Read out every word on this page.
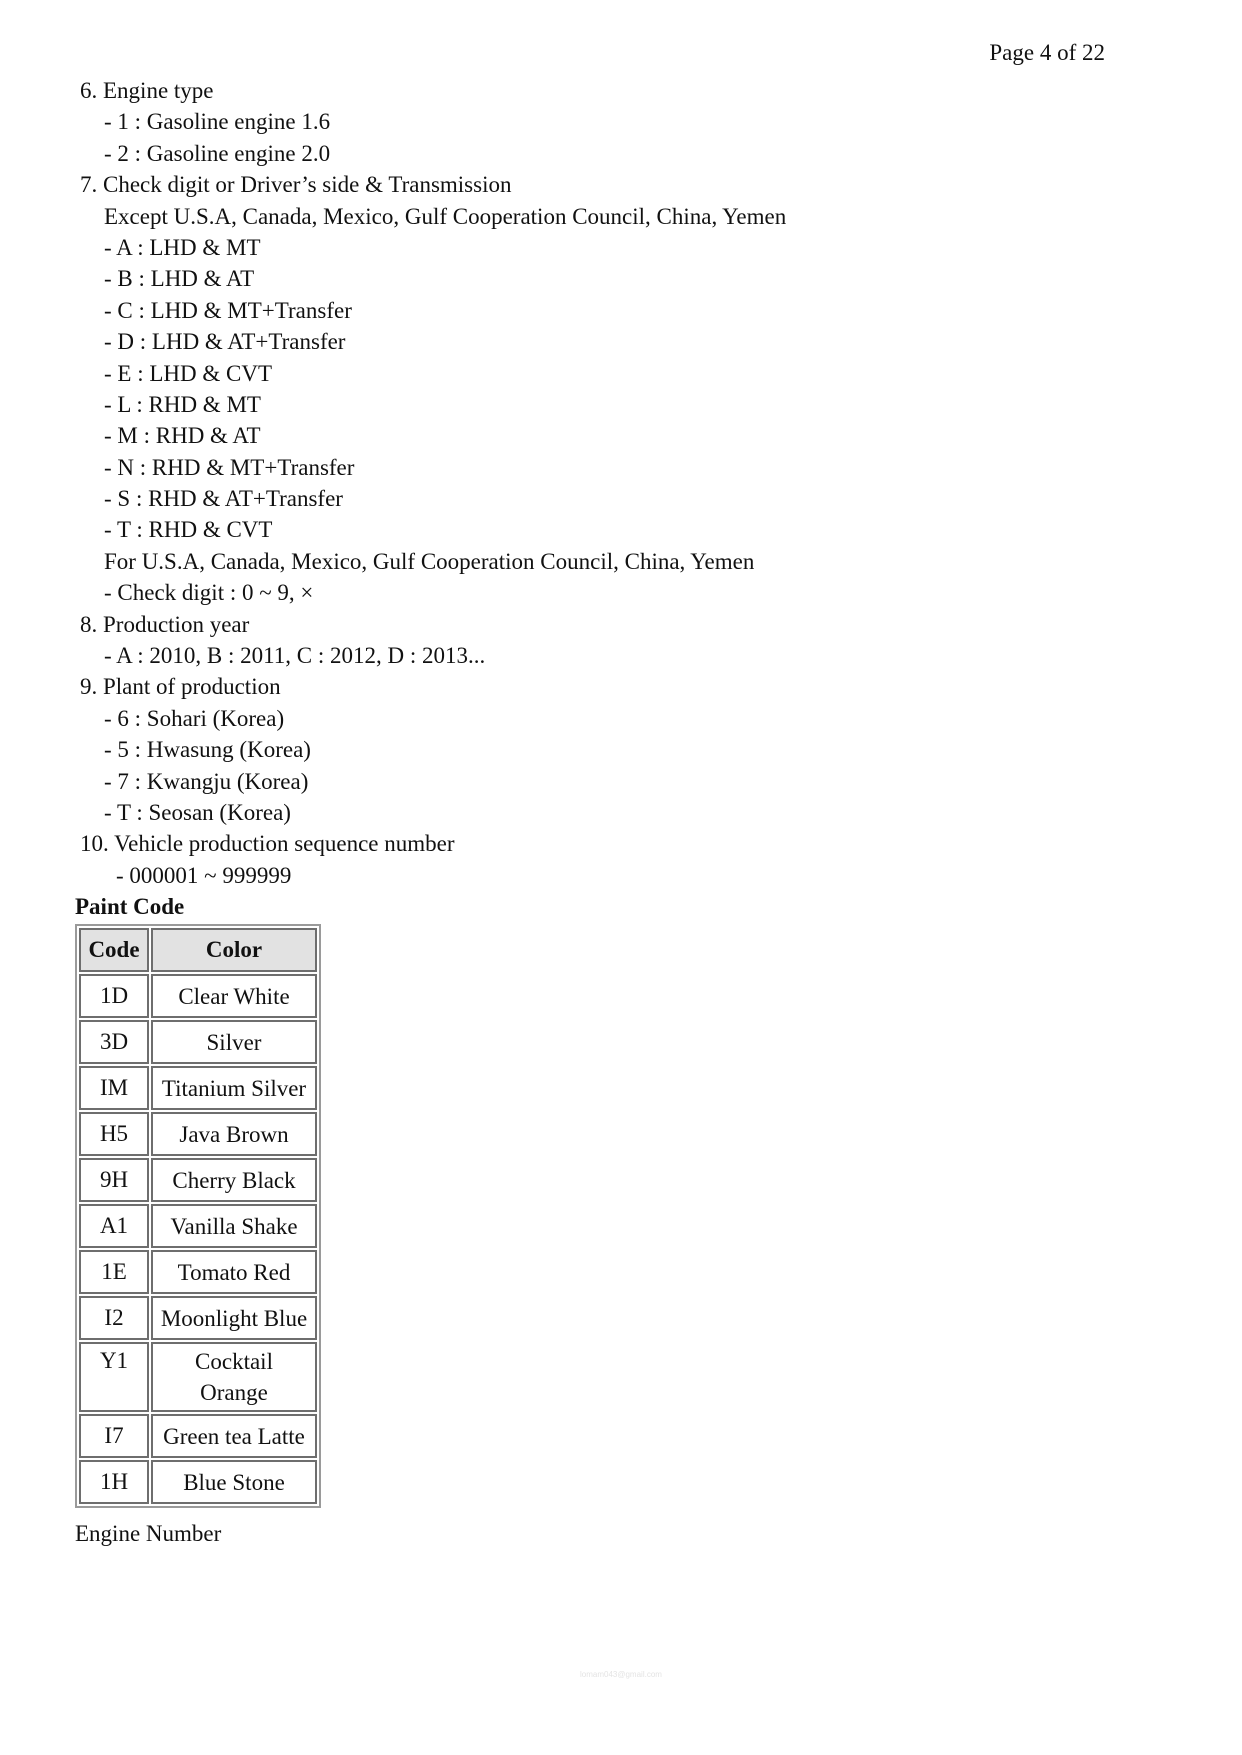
Page 4 of 22
6. Engine type
- 1 : Gasoline engine 1.6
- 2 : Gasoline engine 2.0
7. Check digit or Driver’s side & Transmission
Except U.S.A, Canada, Mexico, Gulf Cooperation Council, China, Yemen
- A : LHD & MT
- B : LHD & AT
- C : LHD & MT+Transfer
- D : LHD & AT+Transfer
- E : LHD & CVT
- L : RHD & MT
- M : RHD & AT
- N : RHD & MT+Transfer
- S : RHD & AT+Transfer
- T : RHD & CVT
For U.S.A, Canada, Mexico, Gulf Cooperation Council, China, Yemen
- Check digit : 0 ~ 9, ×
8. Production year
- A : 2010, B : 2011, C : 2012, D : 2013...
9. Plant of production
- 6 : Sohari (Korea)
- 5 : Hwasung (Korea)
- 7 : Kwangju (Korea)
- T : Seosan (Korea)
10. Vehicle production sequence number
- 000001 ~ 999999
Paint Code
Code	Color
1D	Clear White
3D	Silver
IM	Titanium Silver
H5	Java Brown
9H	Cherry Black
A1	Vanilla Shake
1E	Tomato Red
I2	Moonlight Blue
Y1	Cocktail Orange
I7	Green tea Latte
1H	Blue Stone
Engine Number
lomam043@gmail.com
